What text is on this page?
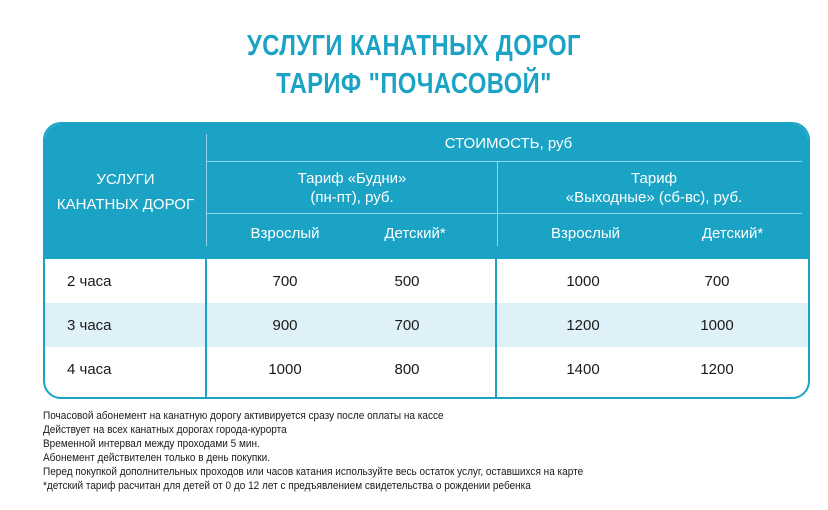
УСЛУГИ КАНАТНЫХ ДОРОГ
ТАРИФ "ПОЧАСОВОЙ"
УСЛУГИ
КАНАТНЫХ ДОРОГ
СТОИМОСТЬ, руб
Тариф «Будни»
(пн-пт), руб.
Тариф
«Выходные» (сб-вс), руб.
Взрослый	Детский*	Взрослый	Детский*
2 часа	700	500	1000	700
3 часа	900	700	1200	1000
4 часа	1000	800	1400	1200
Почасовой абонемент на канатную дорогу активируется сразу после оплаты на кассе
Действует на всех канатных дорогах города-курорта
Временной интервал между проходами 5 мин.
Абонемент действителен только в день покупки.
Перед покупкой дополнительных проходов или часов катания используйте весь остаток услуг, оставшихся на карте
*детский тариф расчитан для детей от 0 до 12 лет с предъявлением свидетельства о рождении ребенка
